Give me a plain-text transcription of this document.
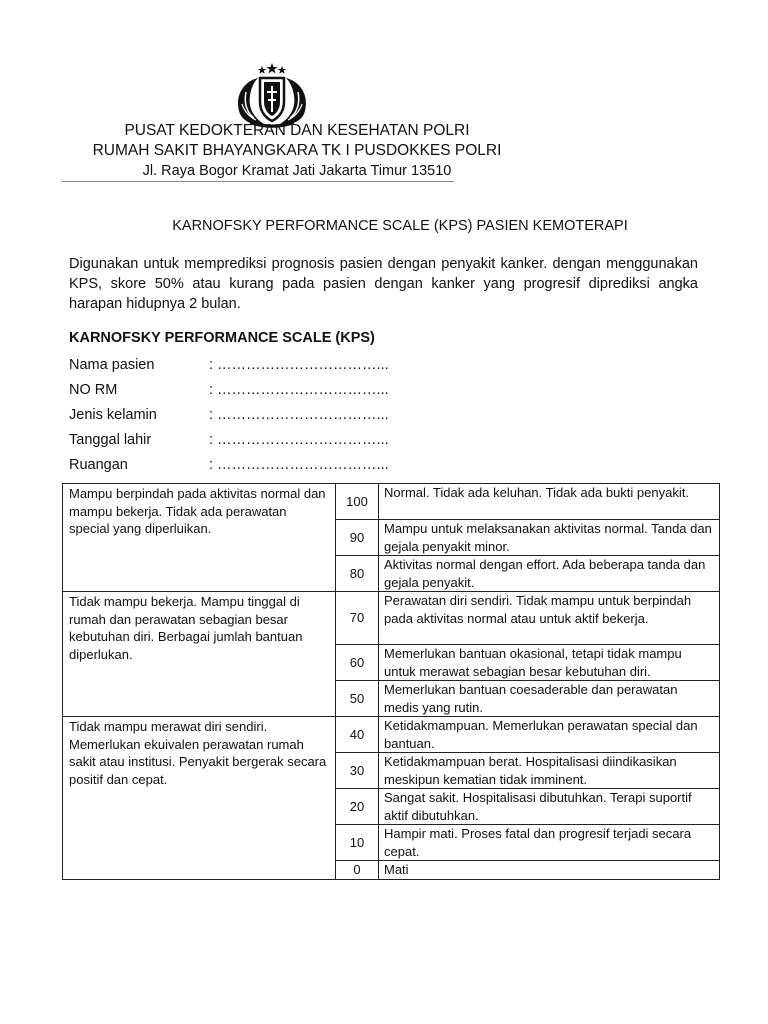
PUSAT KEDOKTERAN DAN KESEHATAN POLRI
RUMAH SAKIT BHAYANGKARA TK I PUSDOKKES POLRI
Jl. Raya Bogor Kramat Jati Jakarta Timur 13510
KARNOFSKY PERFORMANCE SCALE (KPS) PASIEN KEMOTERAPI
Digunakan untuk memprediksi prognosis pasien dengan penyakit kanker. dengan menggunakan KPS, skore 50% atau kurang pada pasien dengan kanker yang progresif diprediksi angka harapan hidupnya 2 bulan.
KARNOFSKY PERFORMANCE SCALE (KPS)
Nama pasien	: ……………………………...
NO RM	: ……………………………...
Jenis kelamin	: ……………………………...
Tanggal lahir	: ……………………………...
Ruangan	: ……………………………...
Mampu berpindah pada aktivitas normal dan mampu bekerja. Tidak ada perawatan special yang diperluikan.	100	Normal. Tidak ada keluhan. Tidak ada bukti penyakit.
	90	Mampu untuk melaksanakan aktivitas normal. Tanda dan gejala penyakit minor.
	80	Aktivitas normal dengan effort. Ada beberapa tanda dan gejala penyakit.
Tidak mampu bekerja. Mampu tinggal di rumah dan perawatan sebagian besar kebutuhan diri. Berbagai jumlah bantuan diperlukan.	70	Perawatan diri sendiri. Tidak mampu untuk berpindah pada aktivitas normal atau untuk aktif bekerja.
	60	Memerlukan bantuan okasional, tetapi tidak mampu untuk merawat sebagian besar kebutuhan diri.
	50	Memerlukan bantuan coesaderable dan perawatan medis yang rutin.
Tidak mampu merawat diri sendiri. Memerlukan ekuivalen perawatan rumah sakit atau institusi. Penyakit bergerak secara positif dan cepat.	40	Ketidakmampuan. Memerlukan perawatan special dan bantuan.
	30	Ketidakmampuan berat. Hospitalisasi diindikasikan meskipun kematian tidak imminent.
	20	Sangat sakit. Hospitalisasi dibutuhkan. Terapi suportif aktif dibutuhkan.
	10	Hampir mati. Proses fatal dan progresif terjadi secara cepat.
	0	Mati
